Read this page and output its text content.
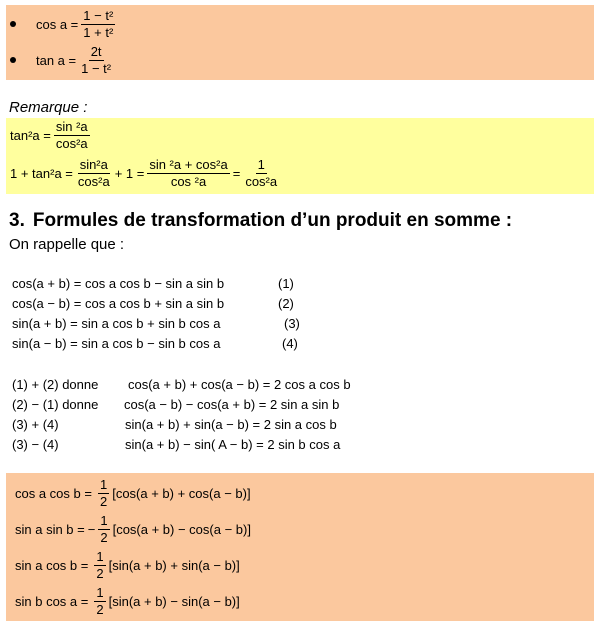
$\cos a = \frac{\text{1 − t²}}{\text{1 + t²}}$
$\tan a = \frac{2t}{\text{1 − t²}}$
Remarque :
$\tan^2a = \frac{\text{sin ²a}}{\text{cos²a}}$
$1 + \tan^2a = \frac{\text{sin²a}}{\text{cos²a}} + 1 = \frac{\text{sin ²a + cos²a}}{\text{cos ²a}} = \frac{1}{\text{cos²a}}$
3. Formules de transformation d’un produit en somme :
On rappelle que :
cos(a + b) = cos a cos b − sin a sin b	(1)
cos(a − b) = cos a cos b + sin a sin b	(2)
sin(a + b) = sin a cos b + sin b cos a	(3)
sin(a − b) = sin a cos b − sin b cos a	(4)
(1) + (2) donne cos(a + b) + cos(a − b) = 2 cos a cos b
(2) − (1) donne cos(a − b) − cos(a + b) = 2 sin a sin b
(3) + (4)	sin(a + b) + sin(a − b) = 2 sin a cos b
(3) − (4)	sin(a + b) − sin( A − b) = 2 sin b cos a
cos a $\cos b = \frac{1}{2} [\cos(a + b) + \cos(a - b)]$
sin a sin b = − $\frac{1}{2} [\cos(a + b) - \cos(a - b)]$
sin a $\cos b = \frac{1}{2} [\sin(a + b) + \sin(a - b)]$
sin b $\cos a = \frac{1}{2} [\sin(a + b) - \sin(a - b)]$
